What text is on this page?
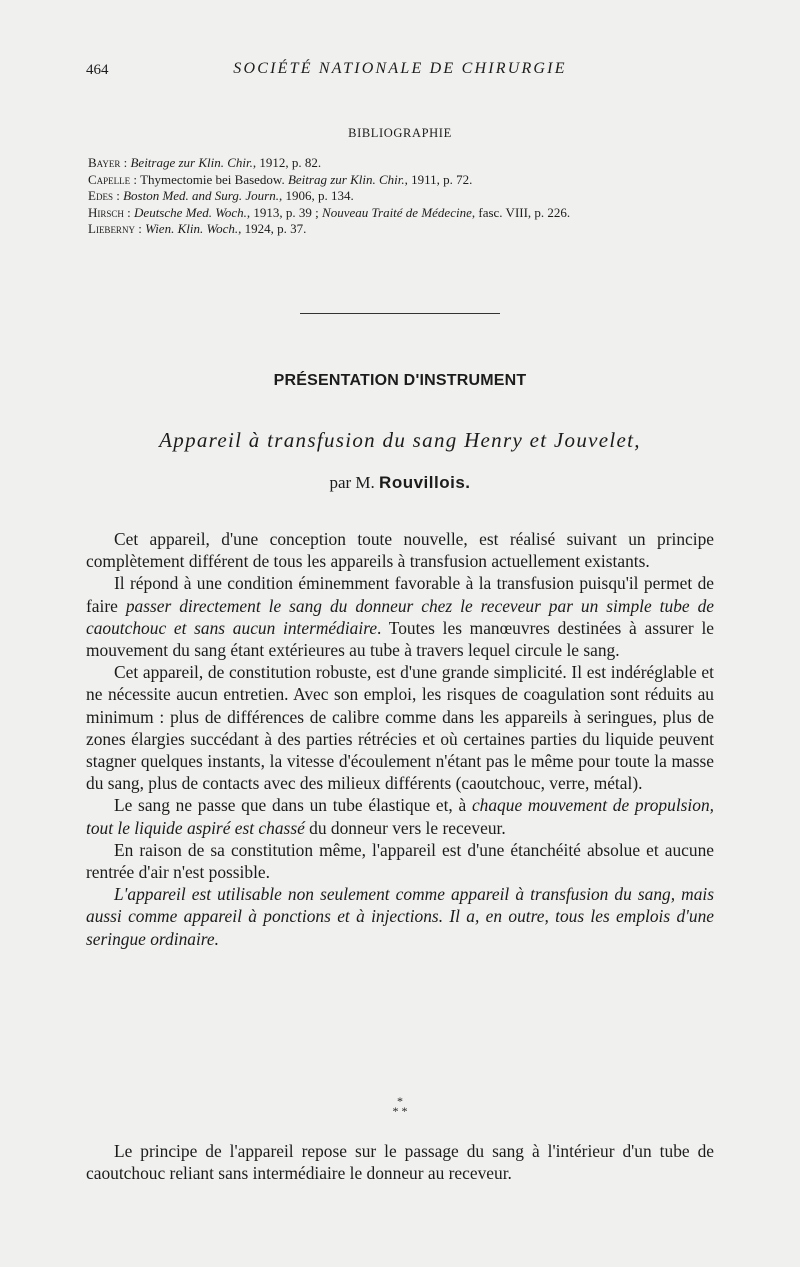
464	SOCIÉTÉ NATIONALE DE CHIRURGIE
BIBLIOGRAPHIE
Bayer : Beitrage zur Klin. Chir., 1912, p. 82.
Capelle : Thymectomie bei Basedow. Beitrag zur Klin. Chir., 1911, p. 72.
Edes : Boston Med. and Surg. Journ., 1906, p. 134.
Hirsch : Deutsche Med. Woch., 1913, p. 39 ; Nouveau Traité de Médecine, fasc. VIII, p. 226.
Lieberny : Wien. Klin. Woch., 1924, p. 37.
PRÉSENTATION D'INSTRUMENT
Appareil à transfusion du sang Henry et Jouvelet,
par M. Rouvillois.

Cet appareil, d'une conception toute nouvelle, est réalisé suivant un principe complètement différent de tous les appareils à transfusion actuellement existants.

Il répond à une condition éminemment favorable à la transfusion puisqu'il permet de faire passer directement le sang du donneur chez le receveur par un simple tube de caoutchouc et sans aucun intermédiaire. Toutes les manœuvres destinées à assurer le mouvement du sang étant extérieures au tube à travers lequel circule le sang.

Cet appareil, de constitution robuste, est d'une grande simplicité. Il est indéréglable et ne nécessite aucun entretien. Avec son emploi, les risques de coagulation sont réduits au minimum : plus de différences de calibre comme dans les appareils à seringues, plus de zones élargies succédant à des parties rétrécies et où certaines parties du liquide peuvent stagner quelques instants, la vitesse d'écoulement n'étant pas le même pour toute la masse du sang, plus de contacts avec des milieux différents (caoutchouc, verre, métal).

Le sang ne passe que dans un tube élastique et, à chaque mouvement de propulsion, tout le liquide aspiré est chassé du donneur vers le receveur.

En raison de sa constitution même, l'appareil est d'une étanchéité absolue et aucune rentrée d'air n'est possible.

L'appareil est utilisable non seulement comme appareil à transfusion du sang, mais aussi comme appareil à ponctions et à injections. Il a, en outre, tous les emplois d'une seringue ordinaire.

*
* *

Le principe de l'appareil repose sur le passage du sang à l'intérieur d'un tube de caoutchouc reliant sans intermédiaire le donneur au receveur.
